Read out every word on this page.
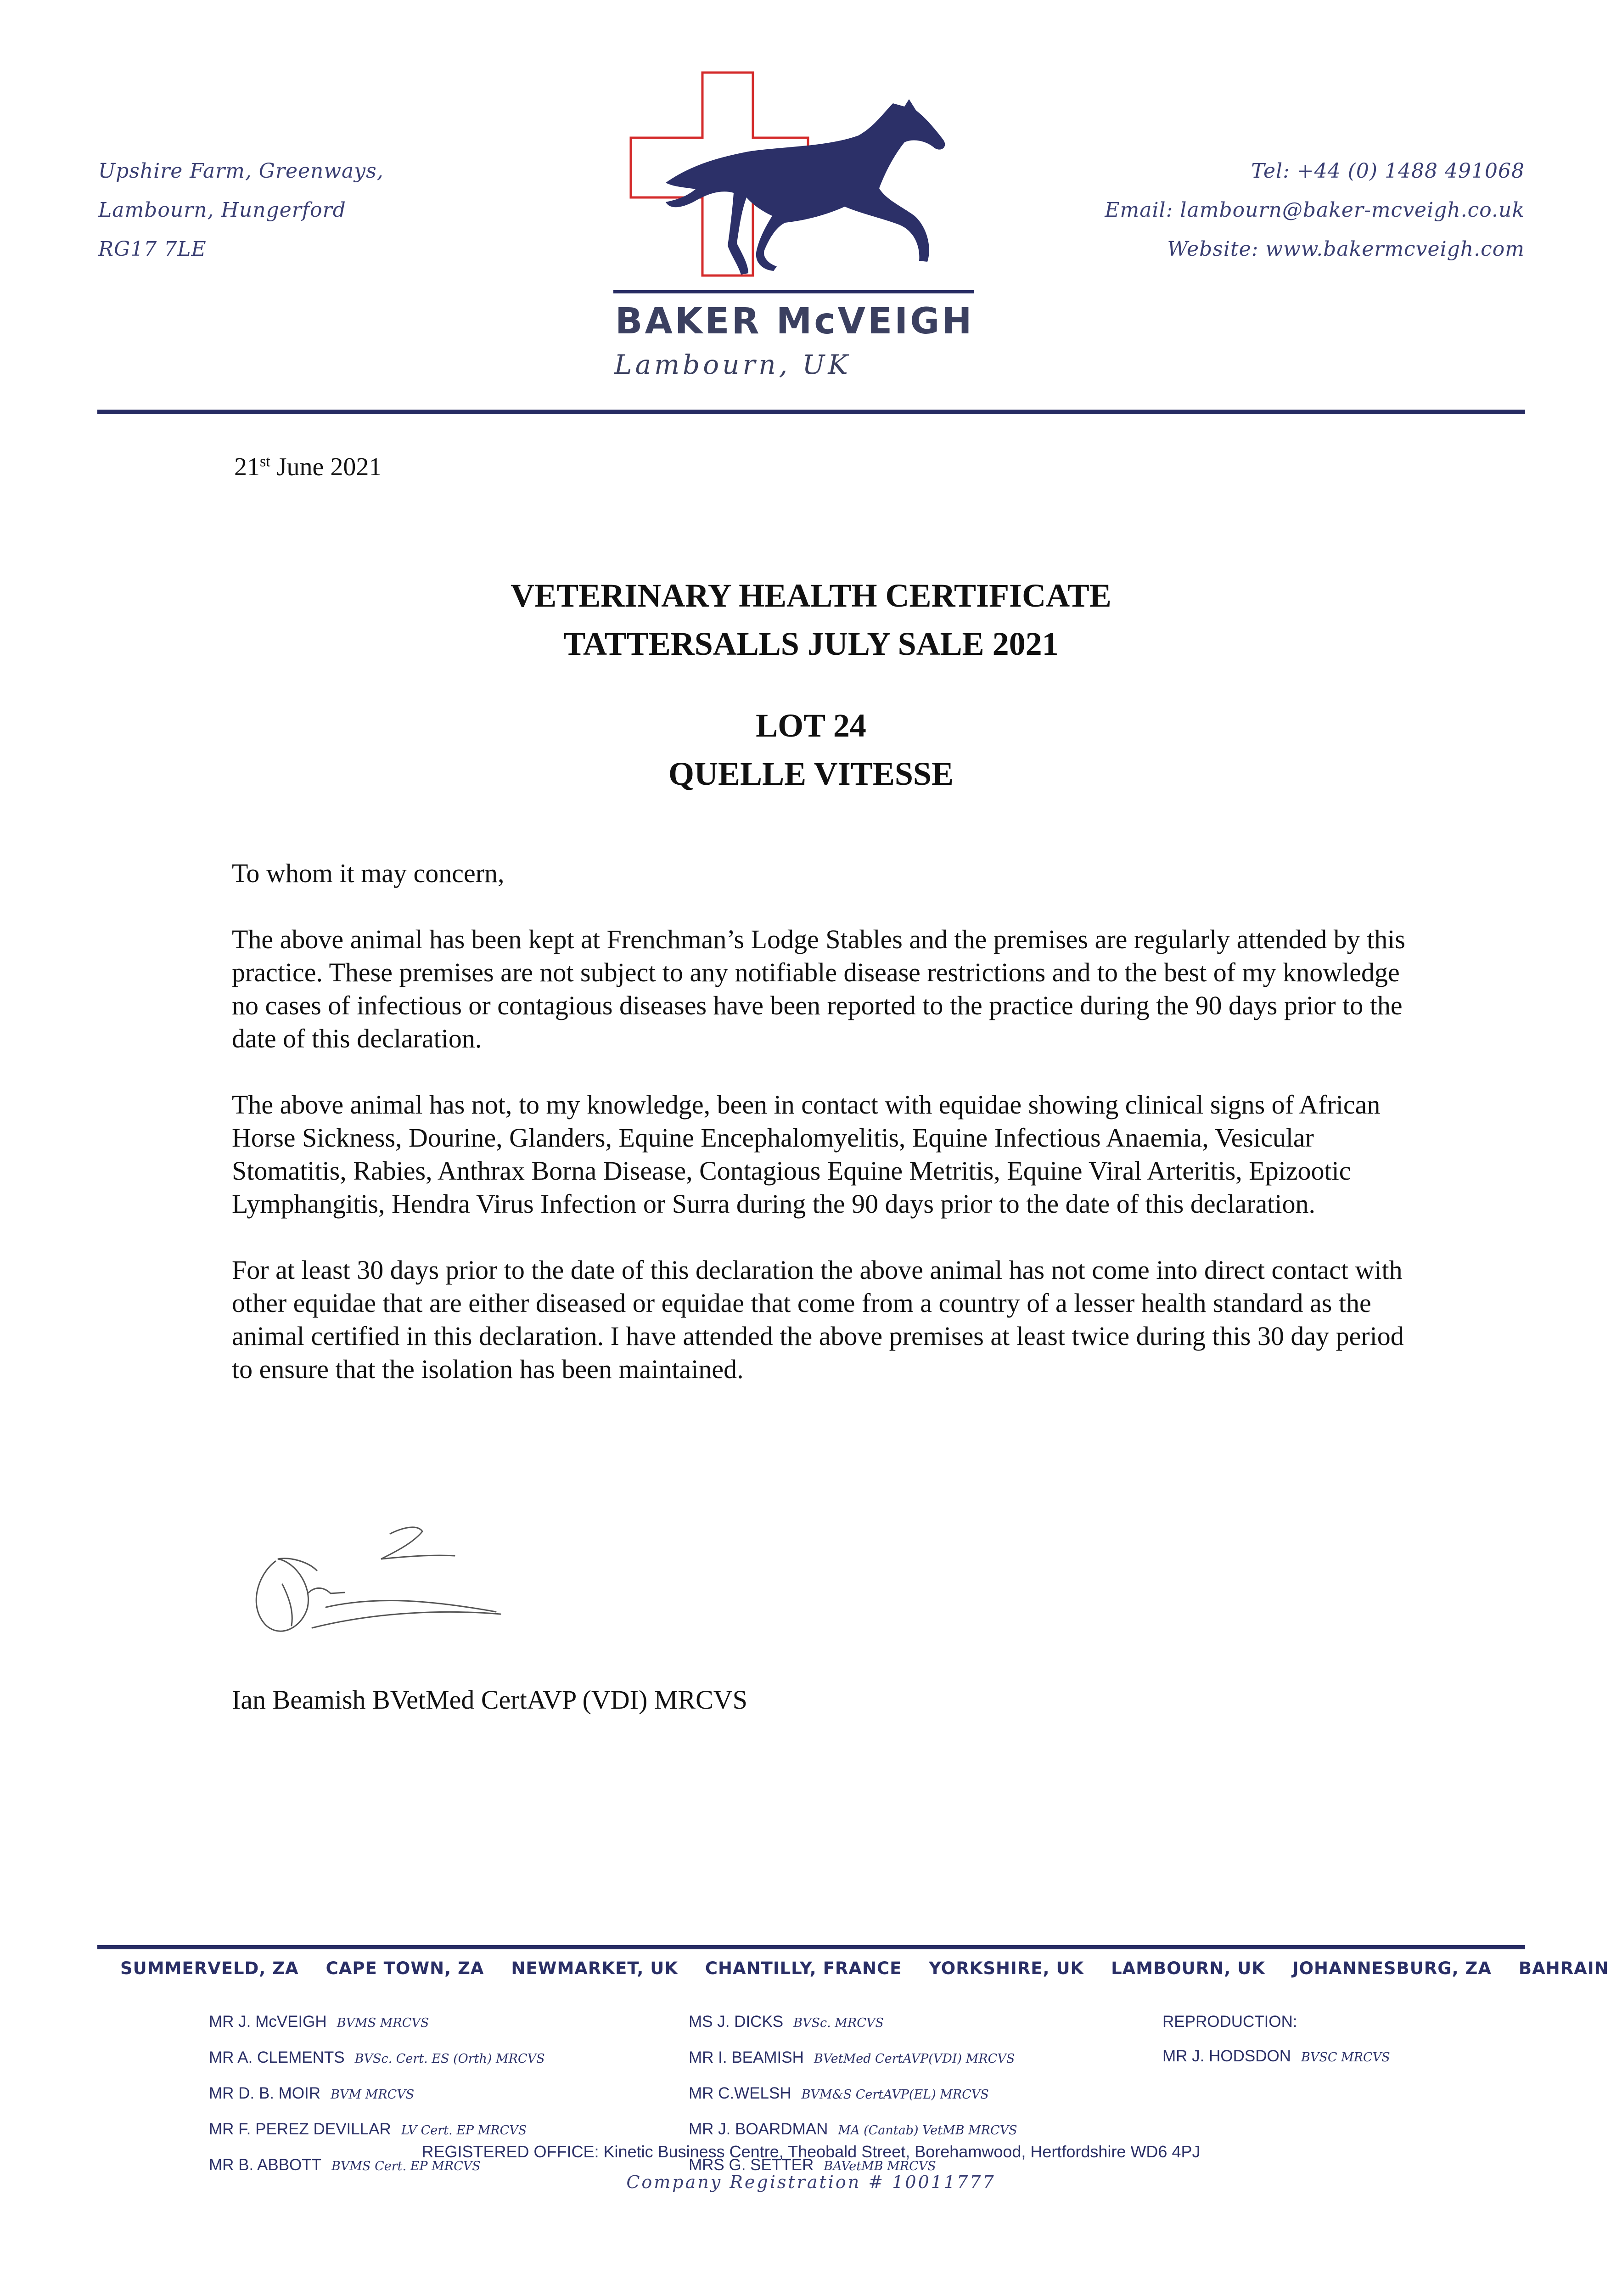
Upshire Farm, Greenways,
Lambourn, Hungerford
RG17 7LE
BAKER McVEIGH
Lambourn, UK
Tel: +44 (0) 1488 491068
Email: lambourn@baker-mcveigh.co.uk
Website: www.bakermcveigh.com
21st June 2021
VETERINARY HEALTH CERTIFICATE
TATTERSALLS JULY SALE 2021
LOT 24
QUELLE VITESSE

To whom it may concern,

The above animal has been kept at Frenchman’s Lodge Stables and the premises are regularly attended by this practice. These premises are not subject to any notifiable disease restrictions and to the best of my knowledge no cases of infectious or contagious diseases have been reported to the practice during the 90 days prior to the date of this declaration.

The above animal has not, to my knowledge, been in contact with equidae showing clinical signs of African Horse Sickness, Dourine, Glanders, Equine Encephalomyelitis, Equine Infectious Anaemia, Vesicular Stomatitis, Rabies, Anthrax Borna Disease, Contagious Equine Metritis, Equine Viral Arteritis, Epizootic Lymphangitis, Hendra Virus Infection or Surra during the 90 days prior to the date of this declaration.

For at least 30 days prior to the date of this declaration the above animal has not come into direct contact with other equidae that are either diseased or equidae that come from a country of a lesser health standard as the animal certified in this declaration. I have attended the above premises at least twice during this 30 day period to ensure that the isolation has been maintained.

Ian Beamish BVetMed CertAVP (VDI) MRCVS
SUMMERVELD, ZA CAPE TOWN, ZA NEWMARKET, UK CHANTILLY, FRANCE YORKSHIRE, UK LAMBOURN, UK JOHANNESBURG, ZA BAHRAIN
MR J. McVEIGH BVMS MRCVS
MR A. CLEMENTS BVSc. Cert. ES (Orth) MRCVS
MR D. B. MOIR BVM MRCVS
MR F. PEREZ DEVILLAR LV Cert. EP MRCVS
MR B. ABBOTT BVMS Cert. EP MRCVS
MS J. DICKS BVSc. MRCVS
MR I. BEAMISH BVetMed CertAVP(VDI) MRCVS
MR C.WELSH BVM&S CertAVP(EL) MRCVS
MR J. BOARDMAN MA (Cantab) VetMB MRCVS
MRS G. SETTER BAVetMB MRCVS
REPRODUCTION:
MR J. HODSDON BVSC MRCVS
REGISTERED OFFICE: Kinetic Business Centre, Theobald Street, Borehamwood, Hertfordshire WD6 4PJ
Company Registration # 10011777
